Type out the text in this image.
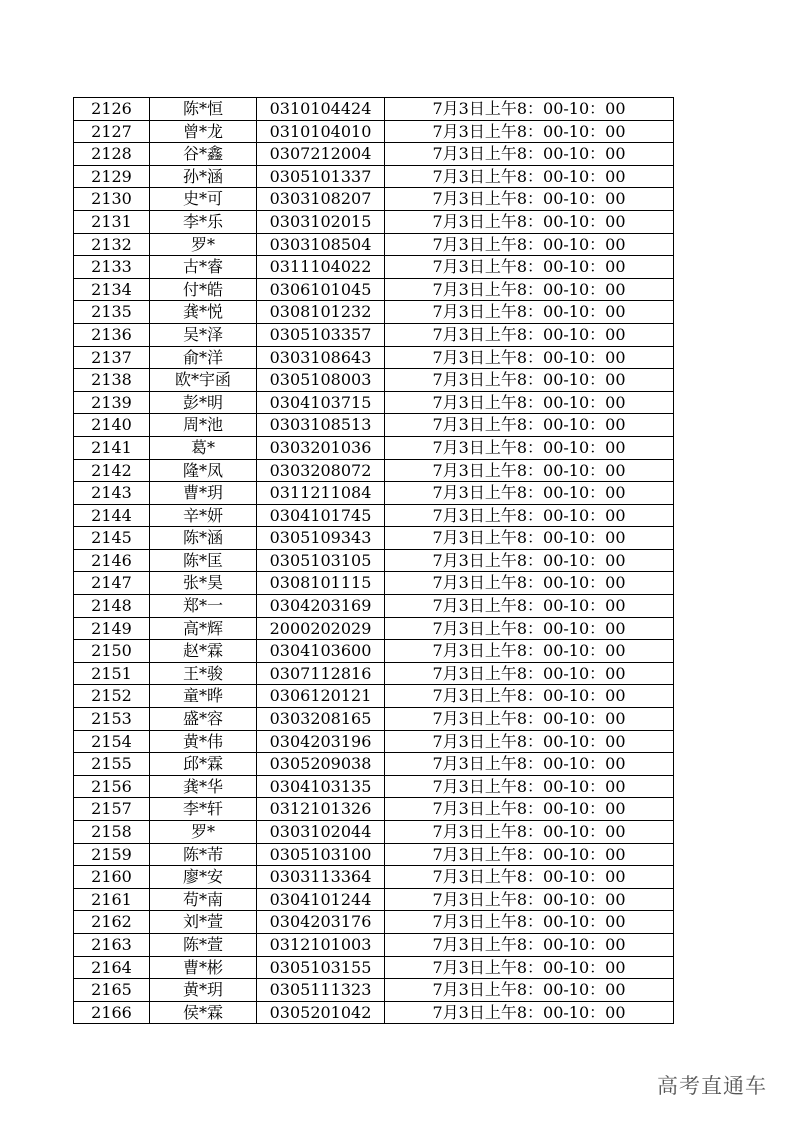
2126	陈*恒	0310104424	7月3日上午8：00-10：00
2127	曾*龙	0310104010	7月3日上午8：00-10：00
2128	谷*鑫	0307212004	7月3日上午8：00-10：00
2129	孙*涵	0305101337	7月3日上午8：00-10：00
2130	史*可	0303108207	7月3日上午8：00-10：00
2131	李*乐	0303102015	7月3日上午8：00-10：00
2132	罗*	0303108504	7月3日上午8：00-10：00
2133	古*睿	0311104022	7月3日上午8：00-10：00
2134	付*皓	0306101045	7月3日上午8：00-10：00
2135	龚*悦	0308101232	7月3日上午8：00-10：00
2136	吴*泽	0305103357	7月3日上午8：00-10：00
2137	俞*洋	0303108643	7月3日上午8：00-10：00
2138	欧*宇函	0305108003	7月3日上午8：00-10：00
2139	彭*明	0304103715	7月3日上午8：00-10：00
2140	周*池	0303108513	7月3日上午8：00-10：00
2141	葛*	0303201036	7月3日上午8：00-10：00
2142	隆*凤	0303208072	7月3日上午8：00-10：00
2143	曹*玥	0311211084	7月3日上午8：00-10：00
2144	辛*妍	0304101745	7月3日上午8：00-10：00
2145	陈*涵	0305109343	7月3日上午8：00-10：00
2146	陈*匡	0305103105	7月3日上午8：00-10：00
2147	张*昊	0308101115	7月3日上午8：00-10：00
2148	郑*一	0304203169	7月3日上午8：00-10：00
2149	高*辉	2000202029	7月3日上午8：00-10：00
2150	赵*霖	0304103600	7月3日上午8：00-10：00
2151	王*骏	0307112816	7月3日上午8：00-10：00
2152	童*晔	0306120121	7月3日上午8：00-10：00
2153	盛*容	0303208165	7月3日上午8：00-10：00
2154	黄*伟	0304203196	7月3日上午8：00-10：00
2155	邱*霖	0305209038	7月3日上午8：00-10：00
2156	龚*华	0304103135	7月3日上午8：00-10：00
2157	李*轩	0312101326	7月3日上午8：00-10：00
2158	罗*	0303102044	7月3日上午8：00-10：00
2159	陈*芾	0305103100	7月3日上午8：00-10：00
2160	廖*安	0303113364	7月3日上午8：00-10：00
2161	苟*南	0304101244	7月3日上午8：00-10：00
2162	刘*萱	0304203176	7月3日上午8：00-10：00
2163	陈*萱	0312101003	7月3日上午8：00-10：00
2164	曹*彬	0305103155	7月3日上午8：00-10：00
2165	黄*玥	0305111323	7月3日上午8：00-10：00
2166	侯*霖	0305201042	7月3日上午8：00-10：00
高考直通车
